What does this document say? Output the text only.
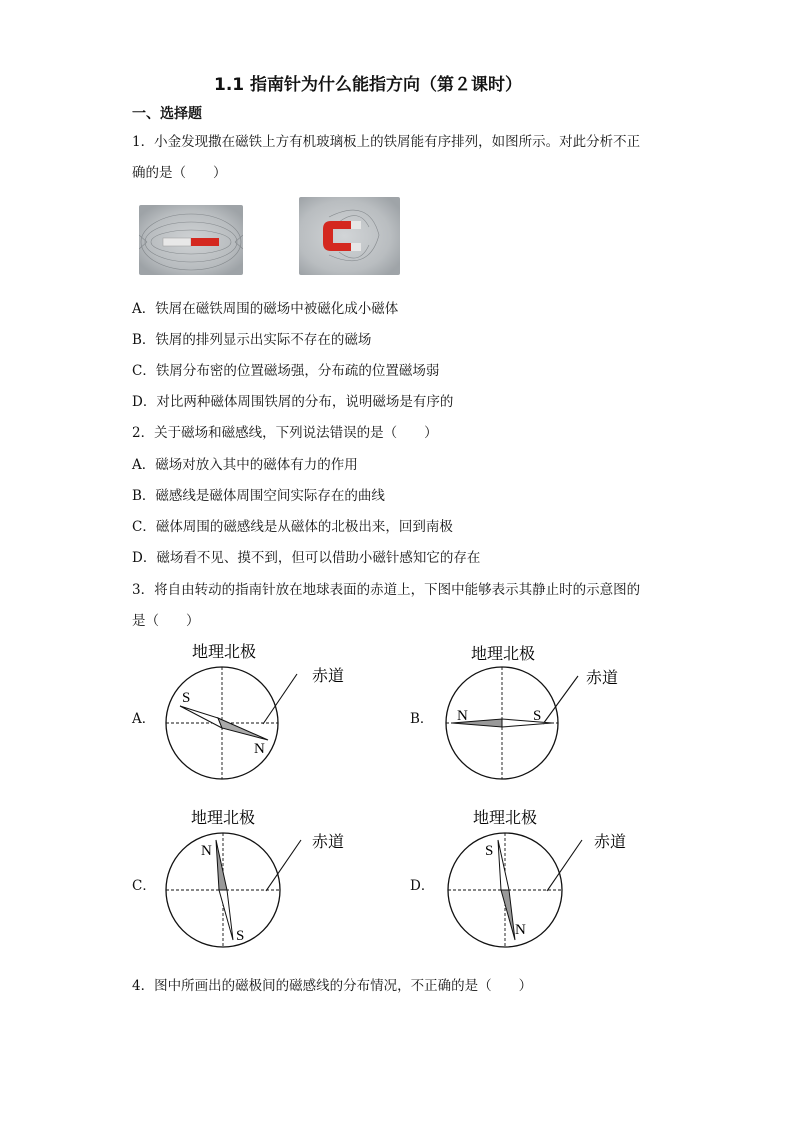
1.1 指南针为什么能指方向（第２课时）
一、选择题
1．小金发现撒在磁铁上方有机玻璃板上的铁屑能有序排列，如图所示。对此分析不正
确的是（　　）
A．铁屑在磁铁周围的磁场中被磁化成小磁体
B．铁屑的排列显示出实际不存在的磁场
C．铁屑分布密的位置磁场强，分布疏的位置磁场弱
D．对比两种磁体周围铁屑的分布，说明磁场是有序的
2．关于磁场和磁感线，下列说法错误的是（　　）
A．磁场对放入其中的磁体有力的作用
B．磁感线是磁体周围空间实际存在的曲线
C．磁体周围的磁感线是从磁体的北极出来，回到南极
D．磁场看不见、摸不到，但可以借助小磁针感知它的存在
3．将自由转动的指南针放在地球表面的赤道上，下图中能够表示其静止时的示意图的
是（　　）
A．
地理北极
赤道
S
N
B．
地理北极
赤道
N	S
C．
地理北极
赤道
N
S
D．
地理北极
赤道
S
N
4．图中所画出的磁极间的磁感线的分布情况，不正确的是（　　）
